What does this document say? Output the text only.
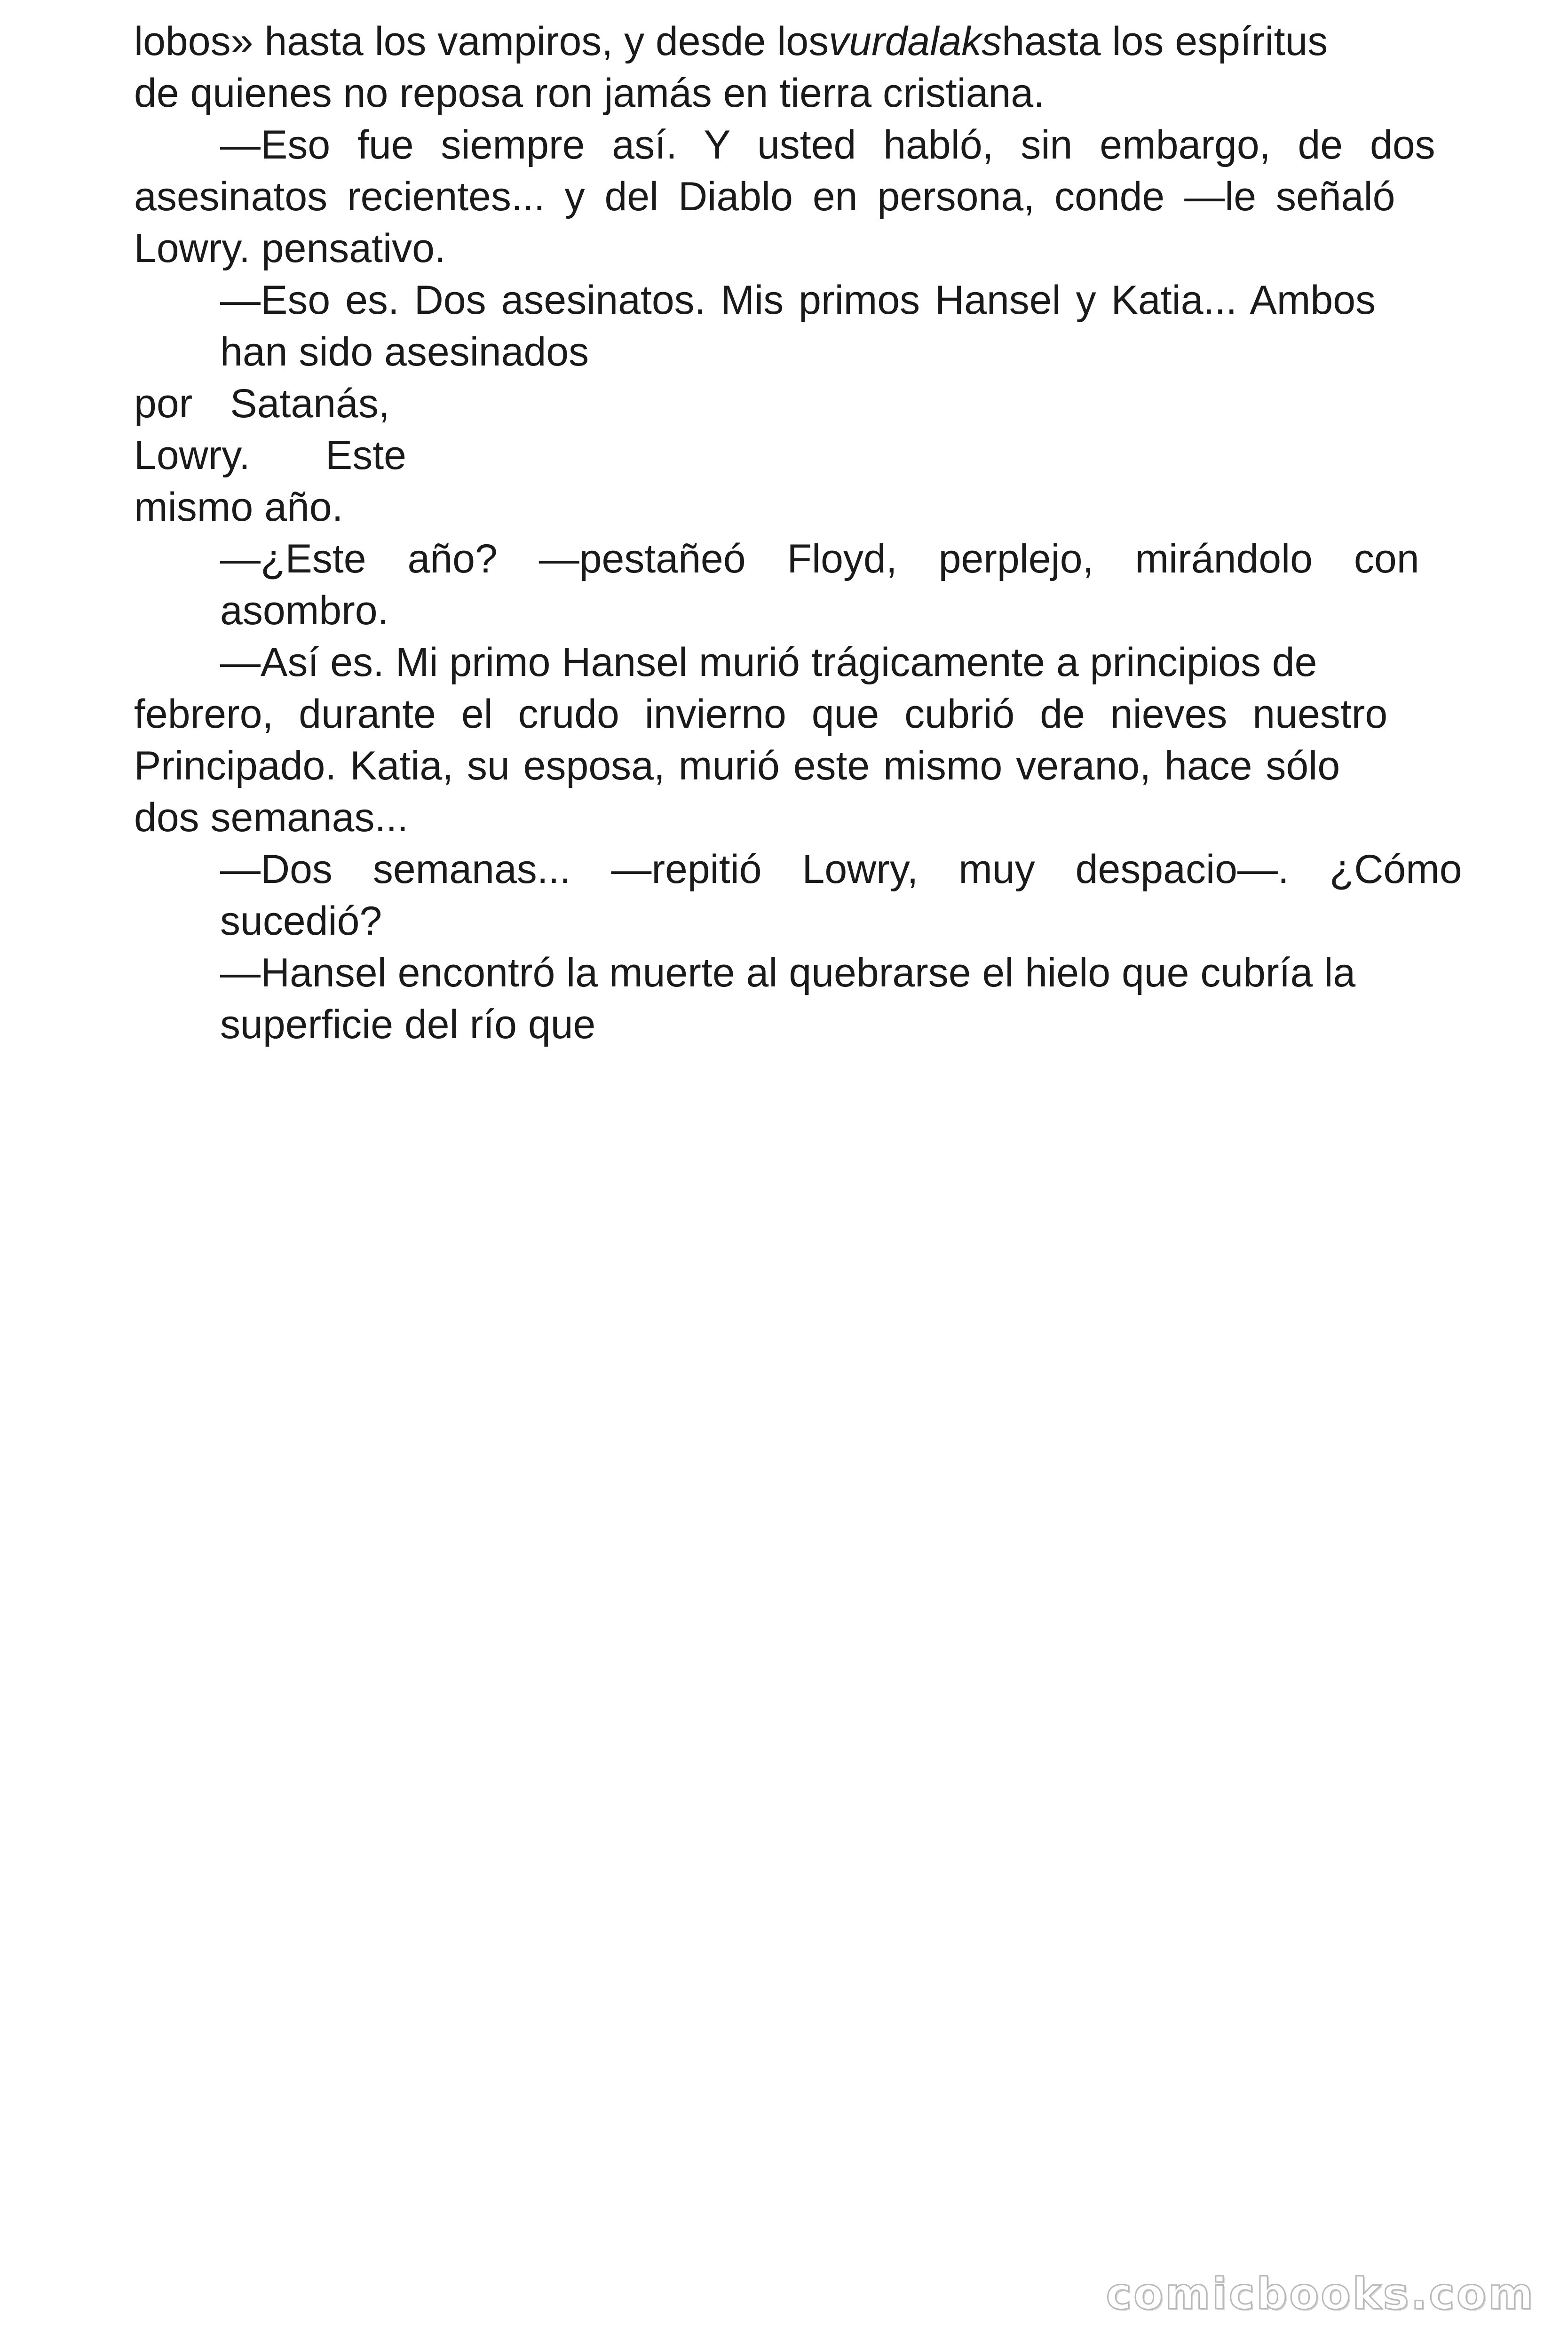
lobos» hasta los vampiros, y desde losvurdalakshasta los espíritus
de quienes no reposa ron jamás en tierra cristiana.
—Eso fue siempre así. Y usted habló, sin embargo, de dos
asesinatos recientes... y del Diablo en persona, conde —le señaló
Lowry. pensativo.
—Eso es. Dos asesinatos. Mis primos Hansel y Katia... Ambos
han sido asesinados
por Satanás,
Lowry. Este
mismo año.
—¿Este año? —pestañeó Floyd, perplejo, mirándolo con
asombro.
—Así es. Mi primo Hansel murió trágicamente a principios de
febrero, durante el crudo invierno que cubrió de nieves nuestro
Principado. Katia, su esposa, murió este mismo verano, hace sólo
dos semanas...
—Dos semanas... —repitió Lowry, muy despacio—. ¿Cómo
sucedió?
—Hansel encontró la muerte al quebrarse el hielo que cubría la
superficie del río que
comicbooks.com
